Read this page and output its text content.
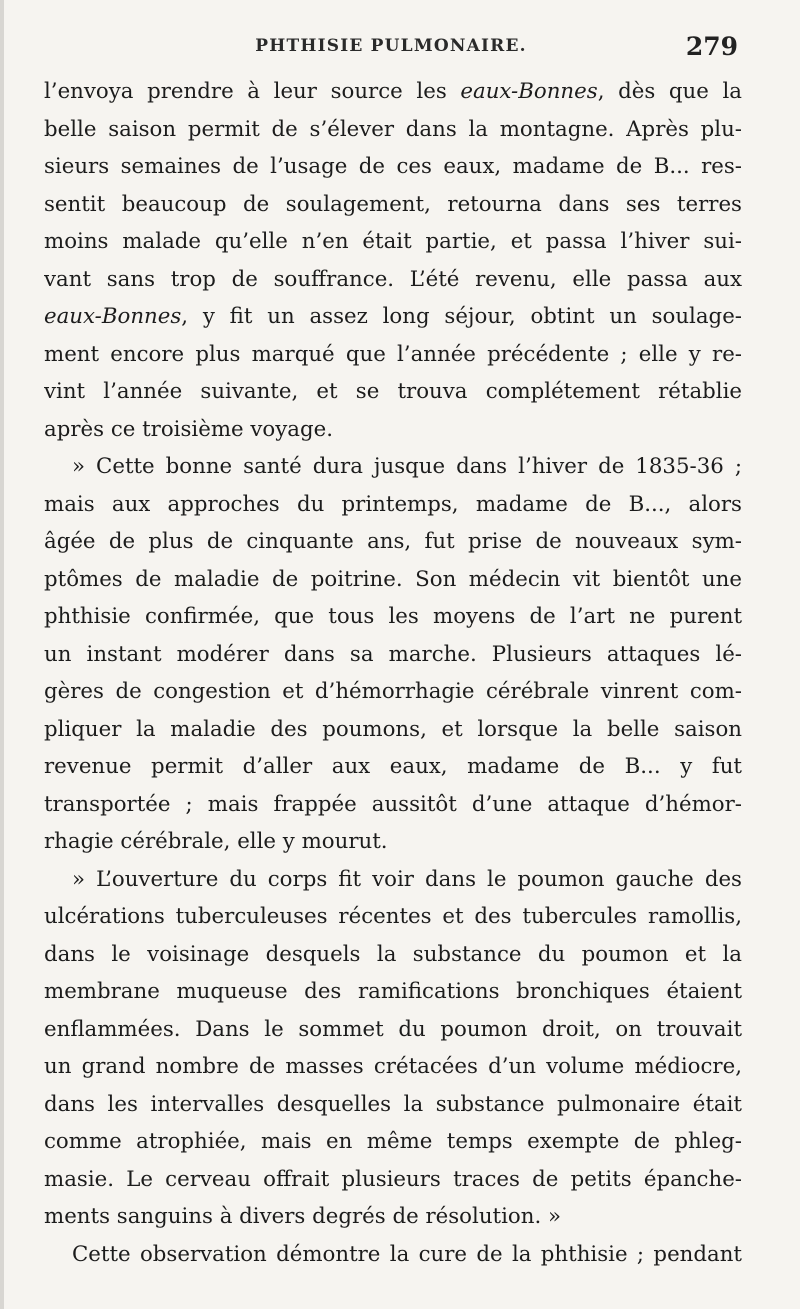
PHTHISIE PULMONAIRE.	279
l’envoya prendre à leur source les eaux-Bonnes, dès que la
belle saison permit de s’élever dans la montagne. Après plu-
sieurs semaines de l’usage de ces eaux, madame de B... res-
sentit beaucoup de soulagement, retourna dans ses terres
moins malade qu’elle n’en était partie, et passa l’hiver sui-
vant sans trop de souffrance. L’été revenu, elle passa aux
eaux-Bonnes, y fit un assez long séjour, obtint un soulage-
ment encore plus marqué que l’année précédente ; elle y re-
vint l’année suivante, et se trouva complétement rétablie
après ce troisième voyage.
» Cette bonne santé dura jusque dans l’hiver de 1835-36 ;
mais aux approches du printemps, madame de B..., alors
âgée de plus de cinquante ans, fut prise de nouveaux sym-
ptômes de maladie de poitrine. Son médecin vit bientôt une
phthisie confirmée, que tous les moyens de l’art ne purent
un instant modérer dans sa marche. Plusieurs attaques lé-
gères de congestion et d’hémorrhagie cérébrale vinrent com-
pliquer la maladie des poumons, et lorsque la belle saison
revenue permit d’aller aux eaux, madame de B... y fut
transportée ; mais frappée aussitôt d’une attaque d’hémor-
rhagie cérébrale, elle y mourut.
» L’ouverture du corps fit voir dans le poumon gauche des
ulcérations tuberculeuses récentes et des tubercules ramollis,
dans le voisinage desquels la substance du poumon et la
membrane muqueuse des ramifications bronchiques étaient
enflammées. Dans le sommet du poumon droit, on trouvait
un grand nombre de masses crétacées d’un volume médiocre,
dans les intervalles desquelles la substance pulmonaire était
comme atrophiée, mais en même temps exempte de phleg-
masie. Le cerveau offrait plusieurs traces de petits épanche-
ments sanguins à divers degrés de résolution. »
Cette observation démontre la cure de la phthisie ; pendant
